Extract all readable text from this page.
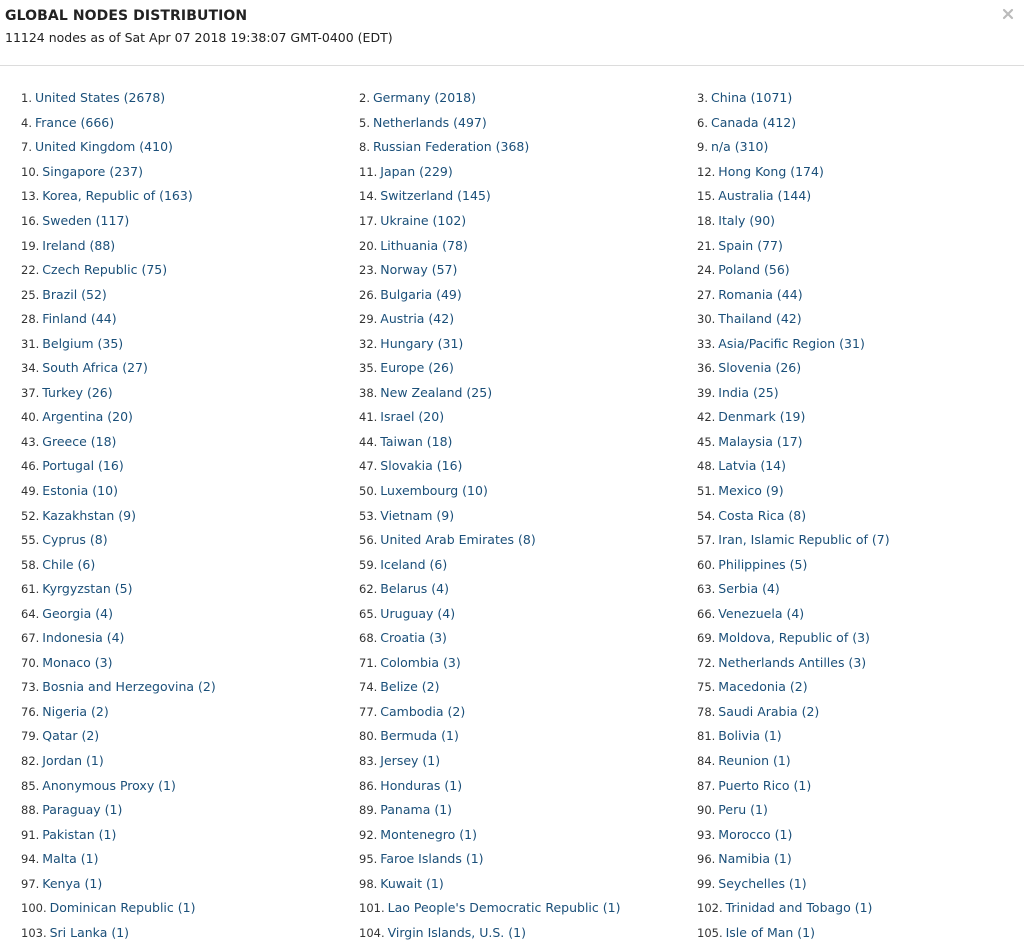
GLOBAL NODES DISTRIBUTION
11124 nodes as of Sat Apr 07 2018 19:38:07 GMT-0400 (EDT)
1. United States (2678)	2. Germany (2018)	3. China (1071)
4. France (666)	5. Netherlands (497)	6. Canada (412)
7. United Kingdom (410)	8. Russian Federation (368)	9. n/a (310)
10. Singapore (237)	11. Japan (229)	12. Hong Kong (174)
13. Korea, Republic of (163)	14. Switzerland (145)	15. Australia (144)
16. Sweden (117)	17. Ukraine (102)	18. Italy (90)
19. Ireland (88)	20. Lithuania (78)	21. Spain (77)
22. Czech Republic (75)	23. Norway (57)	24. Poland (56)
25. Brazil (52)	26. Bulgaria (49)	27. Romania (44)
28. Finland (44)	29. Austria (42)	30. Thailand (42)
31. Belgium (35)	32. Hungary (31)	33. Asia/Pacific Region (31)
34. South Africa (27)	35. Europe (26)	36. Slovenia (26)
37. Turkey (26)	38. New Zealand (25)	39. India (25)
40. Argentina (20)	41. Israel (20)	42. Denmark (19)
43. Greece (18)	44. Taiwan (18)	45. Malaysia (17)
46. Portugal (16)	47. Slovakia (16)	48. Latvia (14)
49. Estonia (10)	50. Luxembourg (10)	51. Mexico (9)
52. Kazakhstan (9)	53. Vietnam (9)	54. Costa Rica (8)
55. Cyprus (8)	56. United Arab Emirates (8)	57. Iran, Islamic Republic of (7)
58. Chile (6)	59. Iceland (6)	60. Philippines (5)
61. Kyrgyzstan (5)	62. Belarus (4)	63. Serbia (4)
64. Georgia (4)	65. Uruguay (4)	66. Venezuela (4)
67. Indonesia (4)	68. Croatia (3)	69. Moldova, Republic of (3)
70. Monaco (3)	71. Colombia (3)	72. Netherlands Antilles (3)
73. Bosnia and Herzegovina (2)	74. Belize (2)	75. Macedonia (2)
76. Nigeria (2)	77. Cambodia (2)	78. Saudi Arabia (2)
79. Qatar (2)	80. Bermuda (1)	81. Bolivia (1)
82. Jordan (1)	83. Jersey (1)	84. Reunion (1)
85. Anonymous Proxy (1)	86. Honduras (1)	87. Puerto Rico (1)
88. Paraguay (1)	89. Panama (1)	90. Peru (1)
91. Pakistan (1)	92. Montenegro (1)	93. Morocco (1)
94. Malta (1)	95. Faroe Islands (1)	96. Namibia (1)
97. Kenya (1)	98. Kuwait (1)	99. Seychelles (1)
100. Dominican Republic (1)	101. Lao People's Democratic Republic (1)	102. Trinidad and Tobago (1)
103. Sri Lanka (1)	104. Virgin Islands, U.S. (1)	105. Isle of Man (1)
